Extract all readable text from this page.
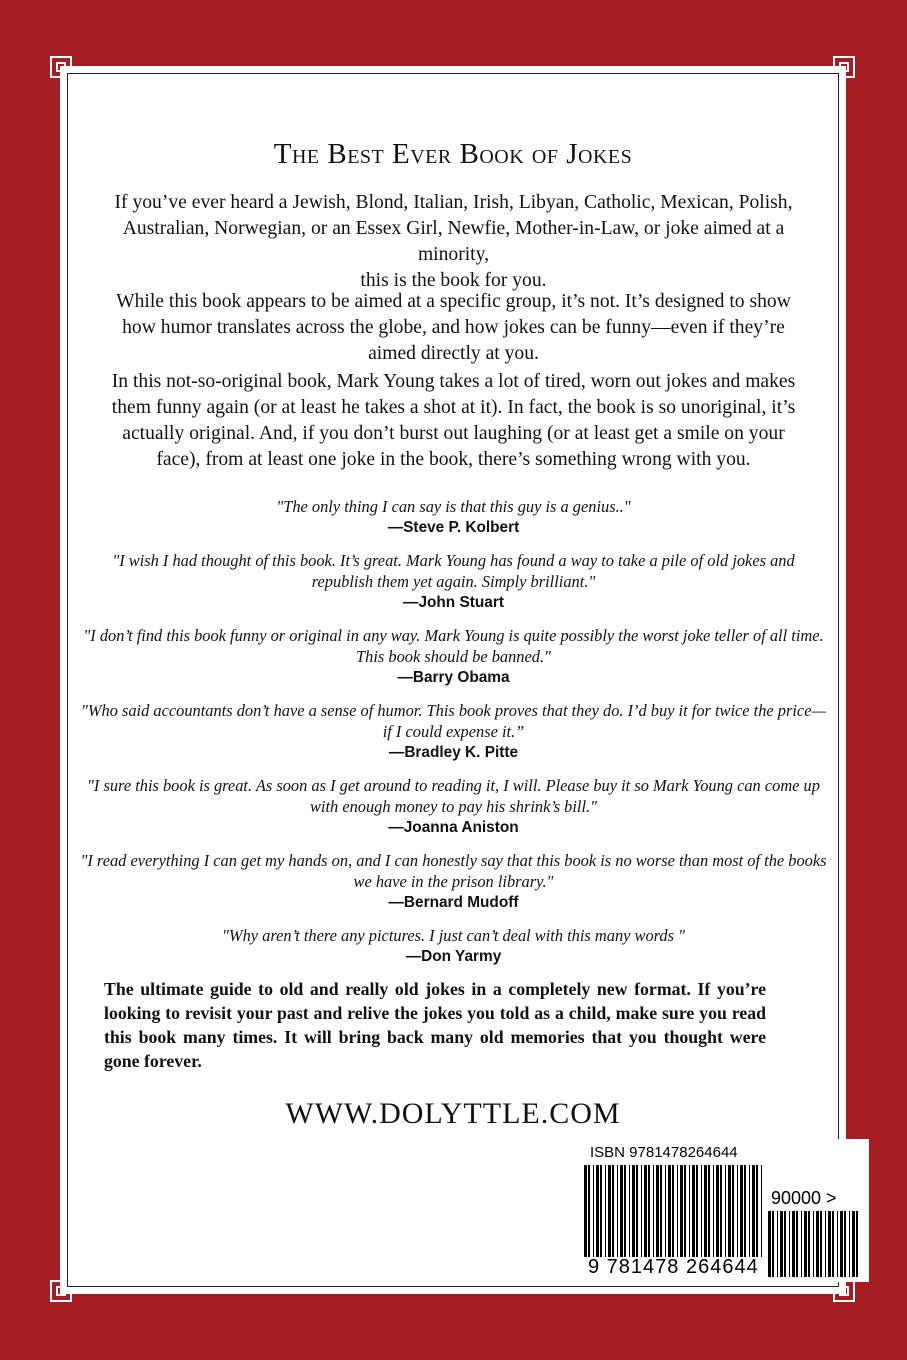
The Best Ever Book of Jokes
If you’ve ever heard a Jewish, Blond, Italian, Irish, Libyan, Catholic, Mexican, Polish, Australian, Norwegian, or an Essex Girl, Newfie, Mother-in-Law, or joke aimed at a minority,
this is the book for you.
While this book appears to be aimed at a specific group, it’s not. It’s designed to show how humor translates across the globe, and how jokes can be funny—even if they’re aimed directly at you.
In this not-so-original book, Mark Young takes a lot of tired, worn out jokes and makes them funny again (or at least he takes a shot at it). In fact, the book is so unoriginal, it’s actually original. And, if you don’t burst out laughing (or at least get a smile on your face), from at least one joke in the book, there’s something wrong with you.
"The only thing I can say is that this guy is a genius.."
—Steve P. Kolbert
"I wish I had thought of this book. It’s great. Mark Young has found a way to take a pile of old jokes and republish them yet again. Simply brilliant."
—John Stuart
"I don’t find this book funny or original in any way. Mark Young is quite possibly the worst joke teller of all time. This book should be banned."
—Barry Obama
"Who said accountants don’t have a sense of humor. This book proves that they do. I’d buy it for twice the price—if I could expense it.”
—Bradley K. Pitte
"I sure this book is great. As soon as I get around to reading it, I will. Please buy it so Mark Young can come up with enough money to pay his shrink’s bill."
—Joanna Aniston
"I read everything I can get my hands on, and I can honestly say that this book is no worse than most of the books we have in the prison library."
—Bernard Mudoff
"Why aren’t there any pictures. I just can’t deal with this many words "
—Don Yarmy
The ultimate guide to old and really old jokes in a completely new format. If you’re looking to revisit your past and relive the jokes you told as a child, make sure you read this book many times. It will bring back many old memories that you thought were gone forever.
WWW.DOLYTTLE.COM
ISBN 9781478264644
90000 >
9 781478 264644
